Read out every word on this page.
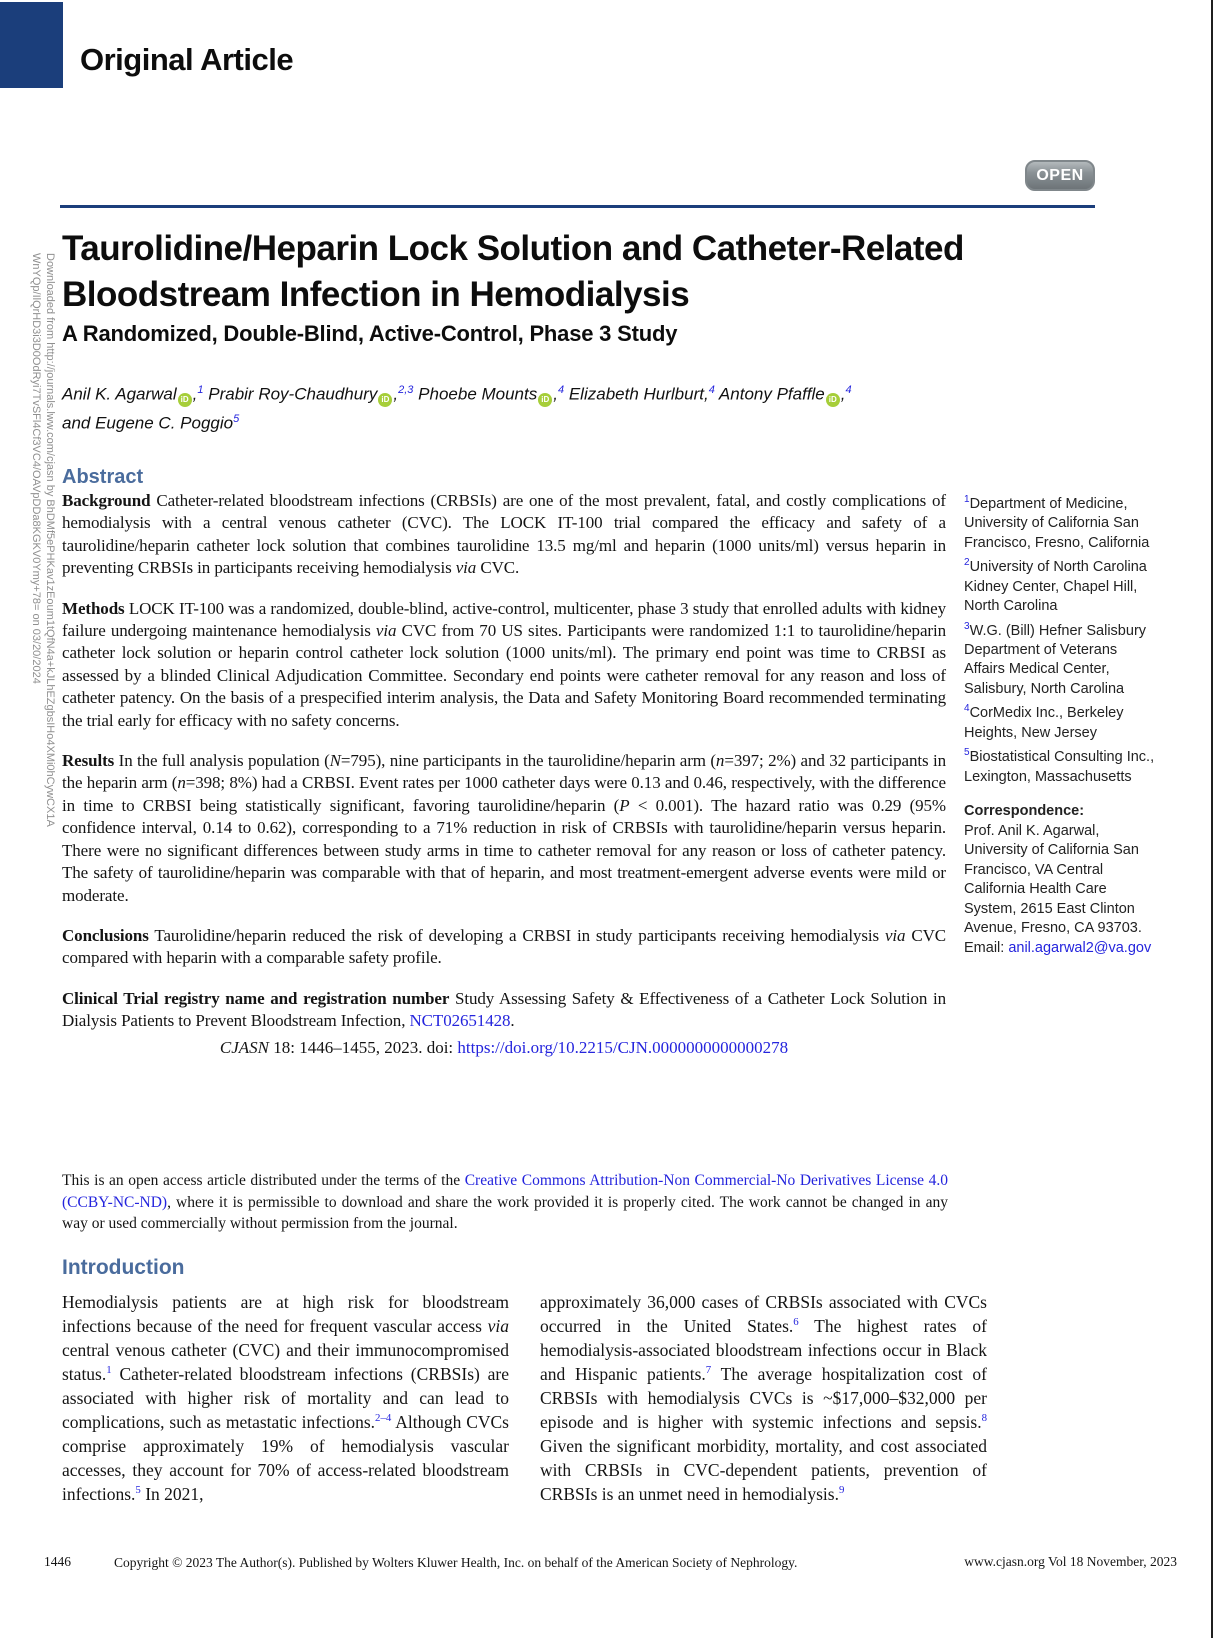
Original Article
OPEN
Downloaded from http://journals.lww.com/cjasn by BhDMf5ePHKav1zEoum1tQfN4a+kJLhEZgbsIHo4XMi0hCywCX1A
WnYQp/IlQrHD3i3D0OdRyi7TvSFl4Cf3VC4/OAVpDDa8KGKV0Ymy+78= on 03/20/2024
Taurolidine/Heparin Lock Solution and Catheter-Related
Bloodstream Infection in Hemodialysis
A Randomized, Double-Blind, Active-Control, Phase 3 Study
Anil K. Agarwal iD ,$^1$ Prabir Roy-Chaudhury iD ,$^{2,3}$ Phoebe Mounts iD ,$^4$ Elizabeth Hurlburt,$^4$ Antony Pfaffle iD ,$^4$
and Eugene C. Poggio$^5$
Abstract

Background Catheter-related bloodstream infections (CRBSIs) are one of the most prevalent, fatal, and costly complications of hemodialysis with a central venous catheter (CVC). The LOCK IT-100 trial compared the efficacy and safety of a taurolidine/heparin catheter lock solution that combines taurolidine 13.5 mg/ml and heparin (1000 units/ml) versus heparin in preventing CRBSIs in participants receiving hemodialysis via CVC.

Methods LOCK IT-100 was a randomized, double-blind, active-control, multicenter, phase 3 study that enrolled adults with kidney failure undergoing maintenance hemodialysis via CVC from 70 US sites. Participants were randomized 1:1 to taurolidine/heparin catheter lock solution or heparin control catheter lock solution (1000 units/ml). The primary end point was time to CRBSI as assessed by a blinded Clinical Adjudication Committee. Secondary end points were catheter removal for any reason and loss of catheter patency. On the basis of a prespecified interim analysis, the Data and Safety Monitoring Board recommended terminating the trial early for efficacy with no safety concerns.

Results In the full analysis population (N=795), nine participants in the taurolidine/heparin arm (n=397; 2%) and 32 participants in the heparin arm (n=398; 8%) had a CRBSI. Event rates per 1000 catheter days were 0.13 and 0.46, respectively, with the difference in time to CRBSI being statistically significant, favoring taurolidine/heparin (P < 0.001). The hazard ratio was 0.29 (95% confidence interval, 0.14 to 0.62), corresponding to a 71% reduction in risk of CRBSIs with taurolidine/heparin versus heparin. There were no significant differences between study arms in time to catheter removal for any reason or loss of catheter patency. The safety of taurolidine/heparin was comparable with that of heparin, and most treatment-emergent adverse events were mild or moderate.

Conclusions Taurolidine/heparin reduced the risk of developing a CRBSI in study participants receiving hemodialysis via CVC compared with heparin with a comparable safety profile.

Clinical Trial registry name and registration number Study Assessing Safety & Effectiveness of a Catheter Lock Solution in Dialysis Patients to Prevent Bloodstream Infection, NCT02651428.

CJASN 18: 1446–1455, 2023. doi: https://doi.org/10.2215/CJN.0000000000000278

This is an open access article distributed under the terms of the Creative Commons Attribution-Non Commercial-No Derivatives License 4.0 (CCBY-NC-ND), where it is permissible to download and share the work provided it is properly cited. The work cannot be changed in any way or used commercially without permission from the journal.
$^1$Department of Medicine, University of California San Francisco, Fresno, California
$^2$University of North Carolina Kidney Center, Chapel Hill, North Carolina
$^3$W.G. (Bill) Hefner Salisbury Department of Veterans Affairs Medical Center, Salisbury, North Carolina
$^4$CorMedix Inc., Berkeley Heights, New Jersey
$^5$Biostatistical Consulting Inc., Lexington, Massachusetts
Correspondence:
Prof. Anil K. Agarwal, University of California San Francisco, VA Central California Health Care System, 2615 East Clinton Avenue, Fresno, CA 93703. Email: anil.agarwal2@va.gov
Introduction
Hemodialysis patients are at high risk for bloodstream infections because of the need for frequent vascular access via central venous catheter (CVC) and their immunocompromised status.$^1$ Catheter-related bloodstream infections (CRBSIs) are associated with higher risk of mortality and can lead to complications, such as metastatic infections.$^{2-4}$ Although CVCs comprise approximately 19% of hemodialysis vascular accesses, they account for 70% of access-related bloodstream infections.$^5$ In 2021,
approximately 36,000 cases of CRBSIs associated with CVCs occurred in the United States.$^6$ The highest rates of hemodialysis-associated bloodstream infections occur in Black and Hispanic patients.$^7$ The average hospitalization cost of CRBSIs with hemodialysis CVCs is ~$17,000–$32,000 per episode and is higher with systemic infections and sepsis.$^8$ Given the significant morbidity, mortality, and cost associated with CRBSIs in CVC-dependent patients, prevention of CRBSIs is an unmet need in hemodialysis.$^9$
1446	Copyright © 2023 The Author(s). Published by Wolters Kluwer Health, Inc. on behalf of the American Society of Nephrology.	www.cjasn.org Vol 18 November, 2023
